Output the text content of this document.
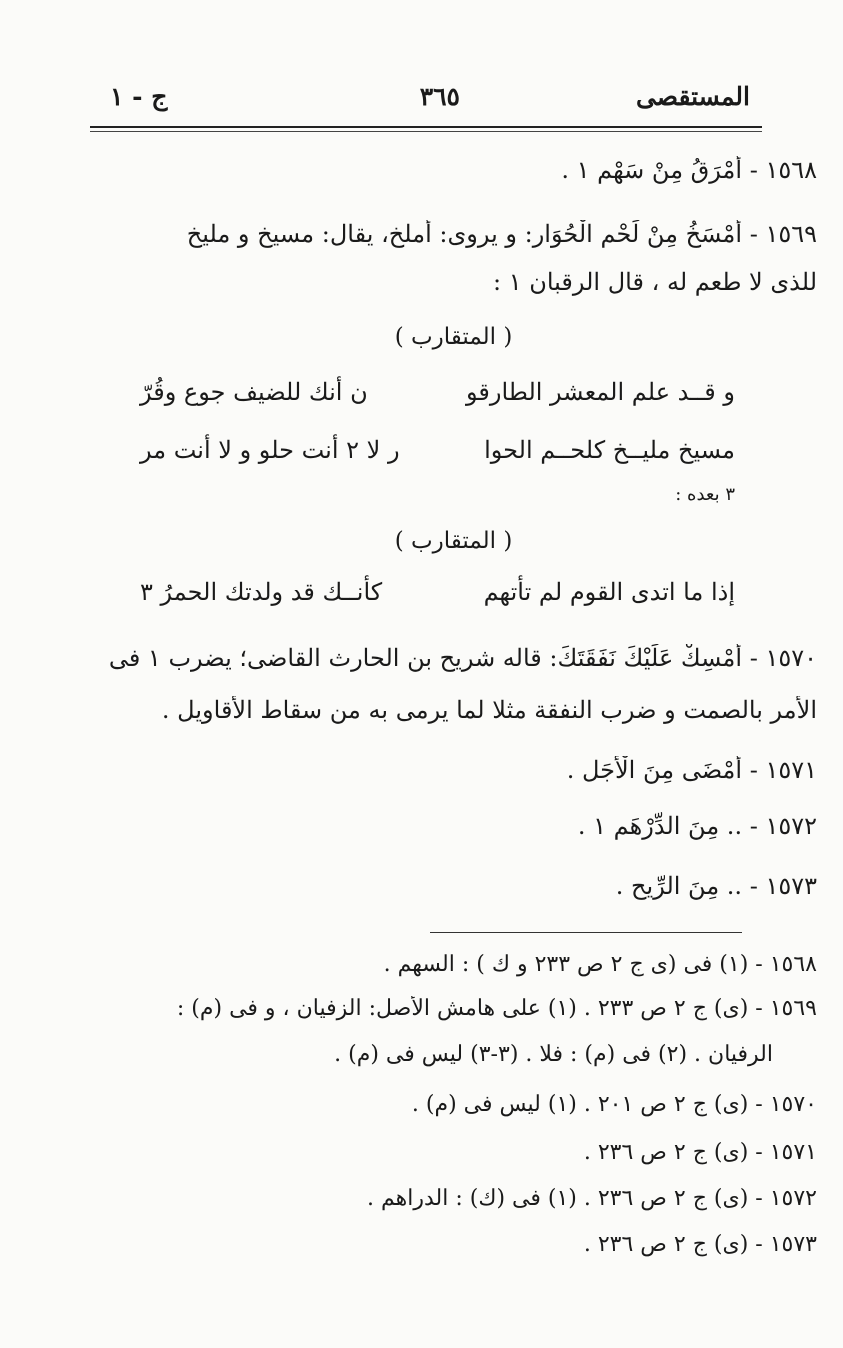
المستقصى
٣٦٥
ج - ١
١٥٦٨ - أَمْرَقُ مِنْ سَهْمٍ ١ .
١٥٦٩ - أَمْسَخُ مِنْ لَحْمِ الْحُوَارِ: و يروى: أملخ، يقال: مسيخ و مليخ
للذى لا طعم له ، قال الرقبان ١ :
( المتقارب )
و قــد علم المعشر الطارقو
ن أنك للضيف جوع وقُرّ
مسيخ مليــخ كلحــم الحوا
ر لا ٢ أنت حلو و لا أنت مر
٣ بعده :
( المتقارب )
إذا ما اتدى القوم لم تأتهم
كأنــك قد ولدتك الحمرُ ٣
١٥٧٠ - أَمْسِكْ عَلَيْكَ نَفَقَتَكَ: قاله شريح بن الحارث القاضى؛ يضرب ١ فى
الأمر بالصمت و ضرب النفقة مثلا لما يرمى به من سقاط الأقاويل .
١٥٧١ - أَمْضَى مِنَ الْأَجَلِ .
١٥٧٢ - .. مِنَ الدِّرْهَمِ ١ .
١٥٧٣ - .. مِنَ الرِّيحِ .
١٥٦٨ - (١) فى (ى ج ٢ ص ٢٣٣ و ك ) : السهم .
١٥٦٩ - (ى) ج ٢ ص ٢٣٣ . (١) على هامش الأصل: الزفيان ، و فى (م) :
الرفيان . (٢) فى (م) : فلا . (٣-٣) ليس فى (م) .
١٥٧٠ - (ى) ج ٢ ص ٢٠١ . (١) ليس فى (م) .
١٥٧١ - (ى) ج ٢ ص ٢٣٦ .
١٥٧٢ - (ى) ج ٢ ص ٢٣٦ . (١) فى (ك) : الدراهم .
١٥٧٣ - (ى) ج ٢ ص ٢٣٦ .
